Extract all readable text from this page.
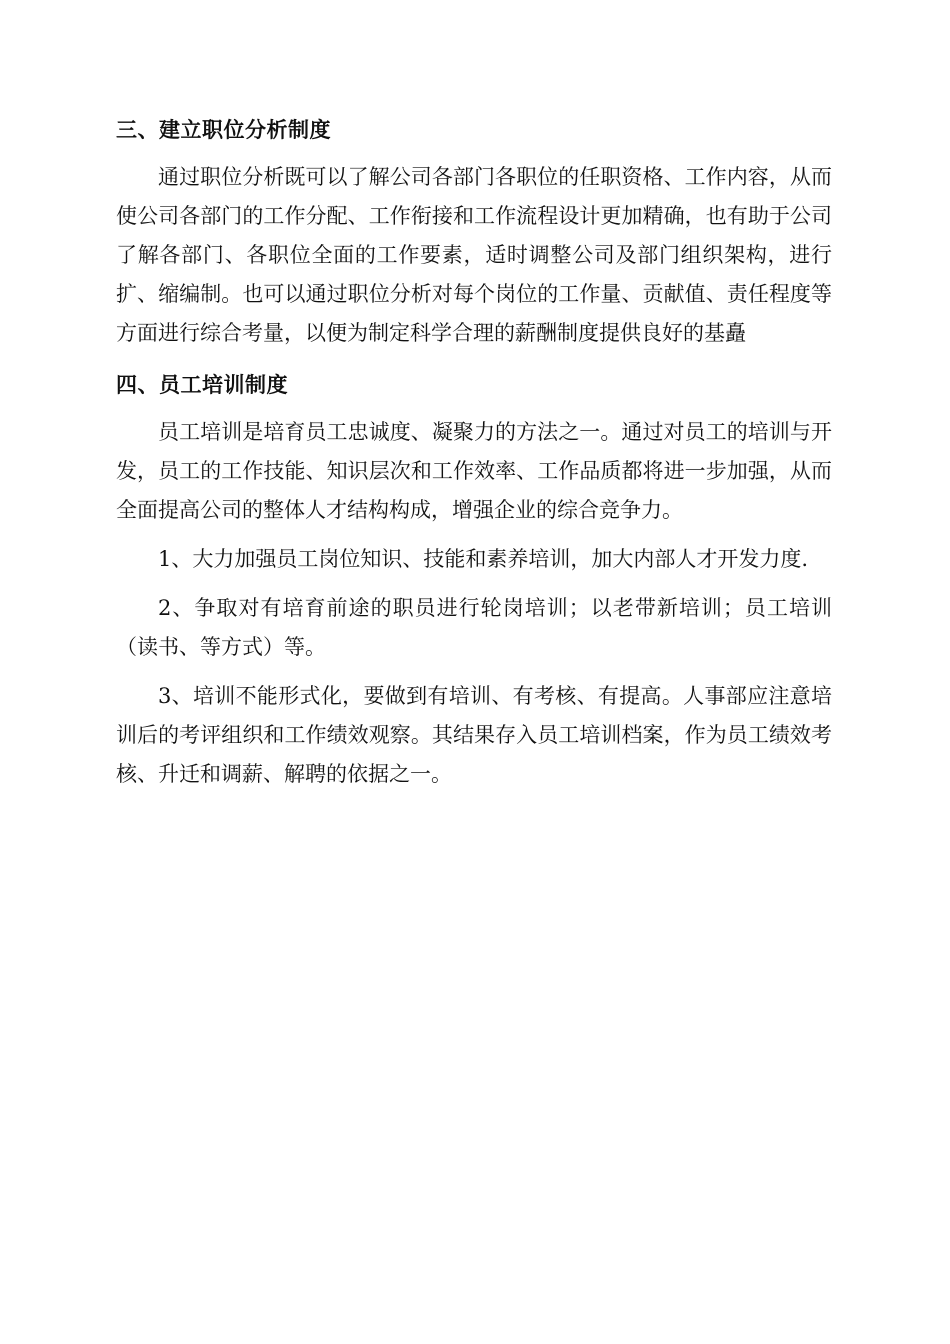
三、建立职位分析制度

通过职位分析既可以了解公司各部门各职位的任职资格、工作内容，从而使公司各部门的工作分配、工作衔接和工作流程设计更加精确，也有助于公司了解各部门、各职位全面的工作要素，适时调整公司及部门组织架构，进行扩、缩编制。也可以通过职位分析对每个岗位的工作量、贡献值、责任程度等方面进行综合考量，以便为制定科学合理的薪酬制度提供良好的基矗

四、员工培训制度

员工培训是培育员工忠诚度、凝聚力的方法之一。通过对员工的培训与开发，员工的工作技能、知识层次和工作效率、工作品质都将进一步加强，从而全面提高公司的整体人才结构构成，增强企业的综合竞争力。

1、大力加强员工岗位知识、技能和素养培训，加大内部人才开发力度.

2、争取对有培育前途的职员进行轮岗培训；以老带新培训；员工培训（读书、等方式）等。

3、培训不能形式化，要做到有培训、有考核、有提高。人事部应注意培训后的考评组织和工作绩效观察。其结果存入员工培训档案，作为员工绩效考核、升迁和调薪、解聘的依据之一。
